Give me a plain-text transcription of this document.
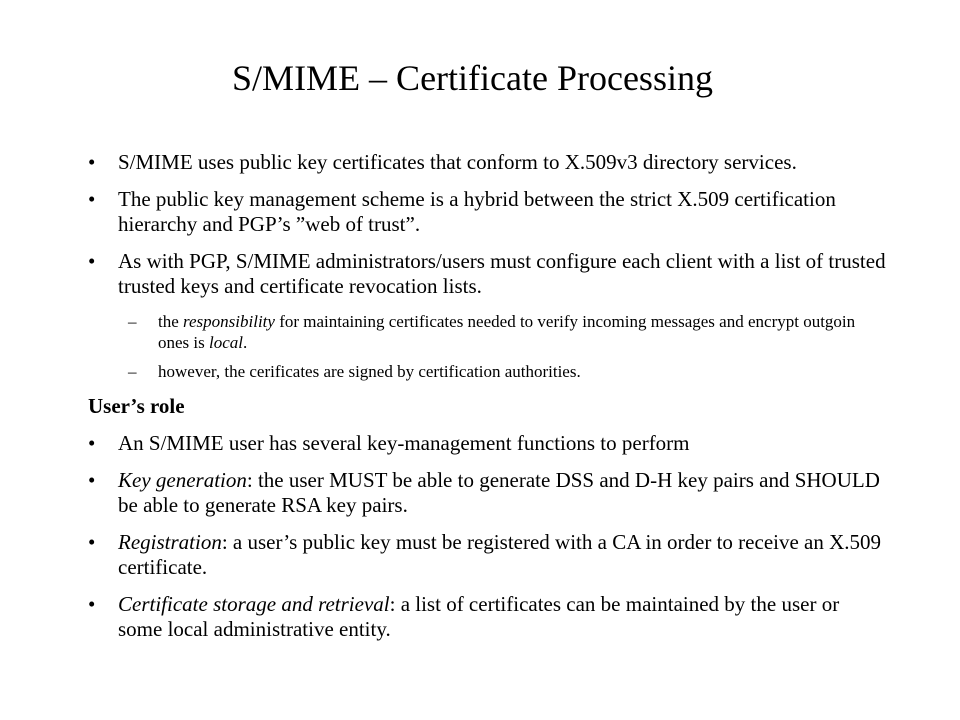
S/MIME – Certificate Processing
• S/MIME uses public key certificates that conform to X.509v3 directory services.
• The public key management scheme is a hybrid between the strict X.509 certification hierarchy and PGP’s ”web of trust”.
• As with PGP, S/MIME administrators/users must configure each client with a list of trusted trusted keys and certificate revocation lists.
– the responsibility for maintaining certificates needed to verify incoming messages and encrypt outgoin ones is local.
– however, the cerificates are signed by certification authorities.
User’s role
• An S/MIME user has several key-management functions to perform
• Key generation: the user MUST be able to generate DSS and D-H key pairs and SHOULD be able to generate RSA key pairs.
• Registration: a user’s public key must be registered with a CA in order to receive an X.509 certificate.
• Certificate storage and retrieval: a list of certificates can be maintained by the user or some local administrative entity.
